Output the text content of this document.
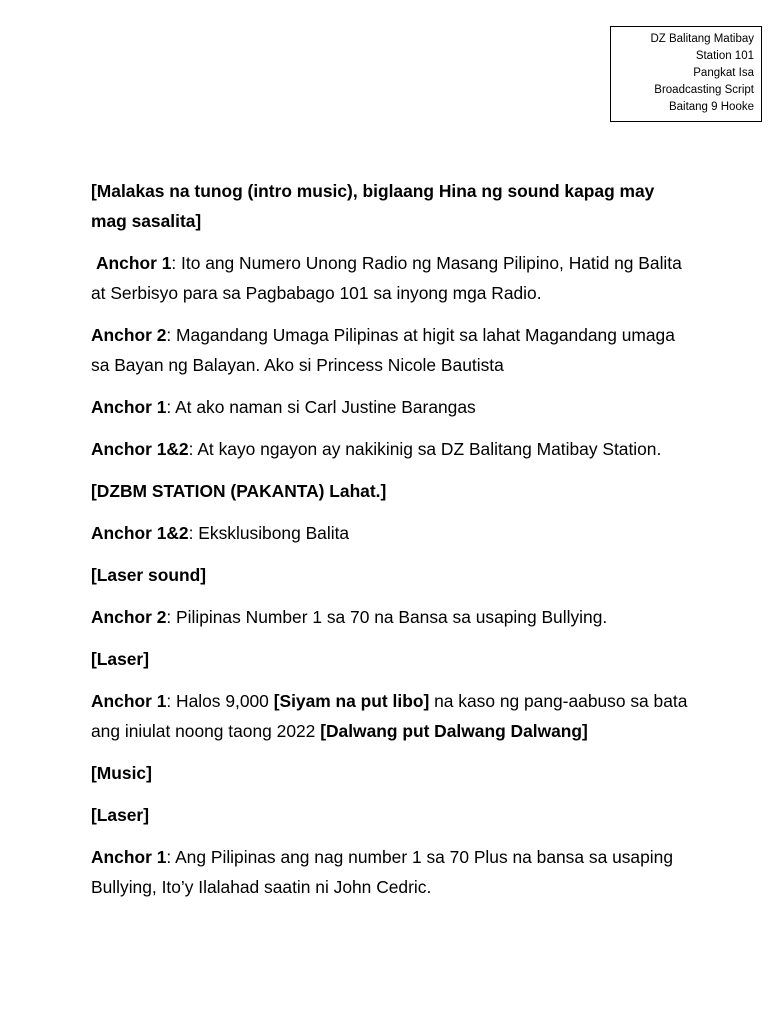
DZ Balitang Matibay
Station 101
Pangkat Isa
Broadcasting Script
Baitang 9 Hooke

[Malakas na tunog (intro music), biglaang Hina ng sound kapag may mag sasalita]

Anchor 1: Ito ang Numero Unong Radio ng Masang Pilipino, Hatid ng Balita at Serbisyo para sa Pagbabago 101 sa inyong mga Radio.

Anchor 2: Magandang Umaga Pilipinas at higit sa lahat Magandang umaga sa Bayan ng Balayan. Ako si Princess Nicole Bautista

Anchor 1: At ako naman si Carl Justine Barangas

Anchor 1&2: At kayo ngayon ay nakikinig sa DZ Balitang Matibay Station.

[DZBM STATION (PAKANTA) Lahat.]

Anchor 1&2: Eksklusibong Balita

[Laser sound]

Anchor 2: Pilipinas Number 1 sa 70 na Bansa sa usaping Bullying.

[Laser]

Anchor 1: Halos 9,000 [Siyam na put libo] na kaso ng pang-aabuso sa bata ang iniulat noong taong 2022 [Dalwang put Dalwang Dalwang]

[Music]

[Laser]

Anchor 1: Ang Pilipinas ang nag number 1 sa 70 Plus na bansa sa usaping Bullying, Ito’y Ilalahad saatin ni John Cedric.
